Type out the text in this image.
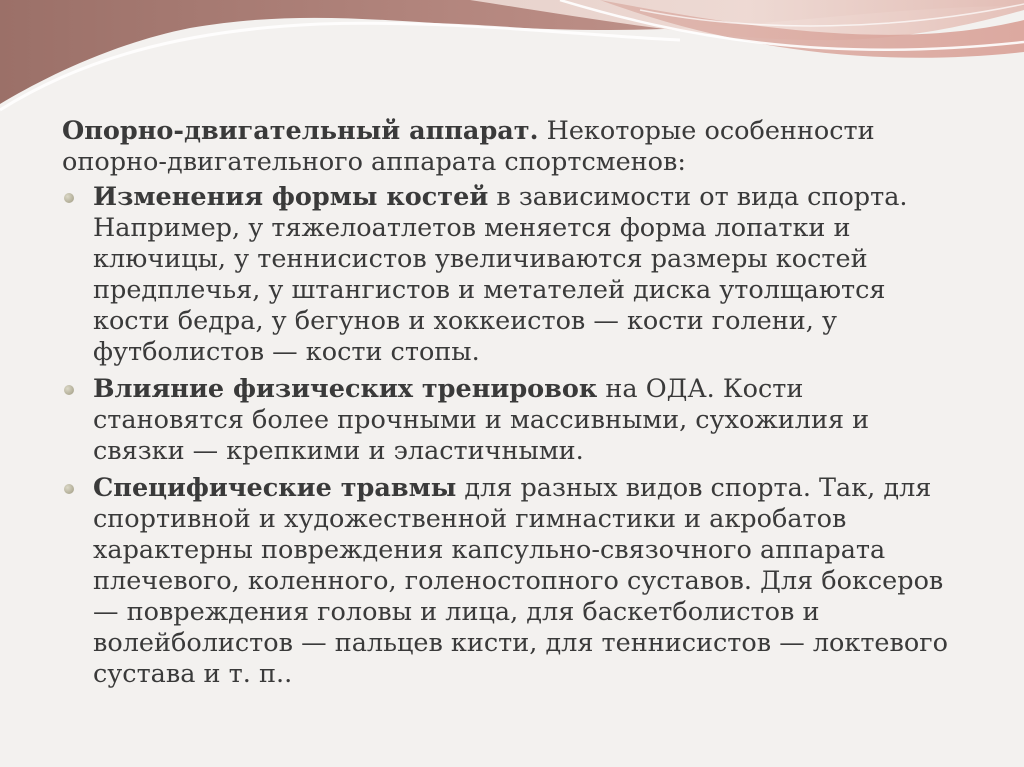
Опорно-двигательный аппарат. Некоторые особенности опорно-двигательного аппарата спортсменов:

Изменения формы костей в зависимости от вида спорта. Например, у тяжелоатлетов меняется форма лопатки и ключицы, у теннисистов увеличиваются размеры костей предплечья, у штангистов и метателей диска утолщаются кости бедра, у бегунов и хоккеистов — кости голени, у футболистов — кости стопы.
Влияние физических тренировок на ОДА. Кости становятся более прочными и массивными, сухожилия и связки — крепкими и эластичными.
Специфические травмы для разных видов спорта. Так, для спортивной и художественной гимнастики и акробатов характерны повреждения капсульно-связочного аппарата плечевого, коленного, голеностопного суставов. Для боксеров — повреждения головы и лица, для баскетболистов и волейболистов — пальцев кисти, для теннисистов — локтевого сустава и т. п..
